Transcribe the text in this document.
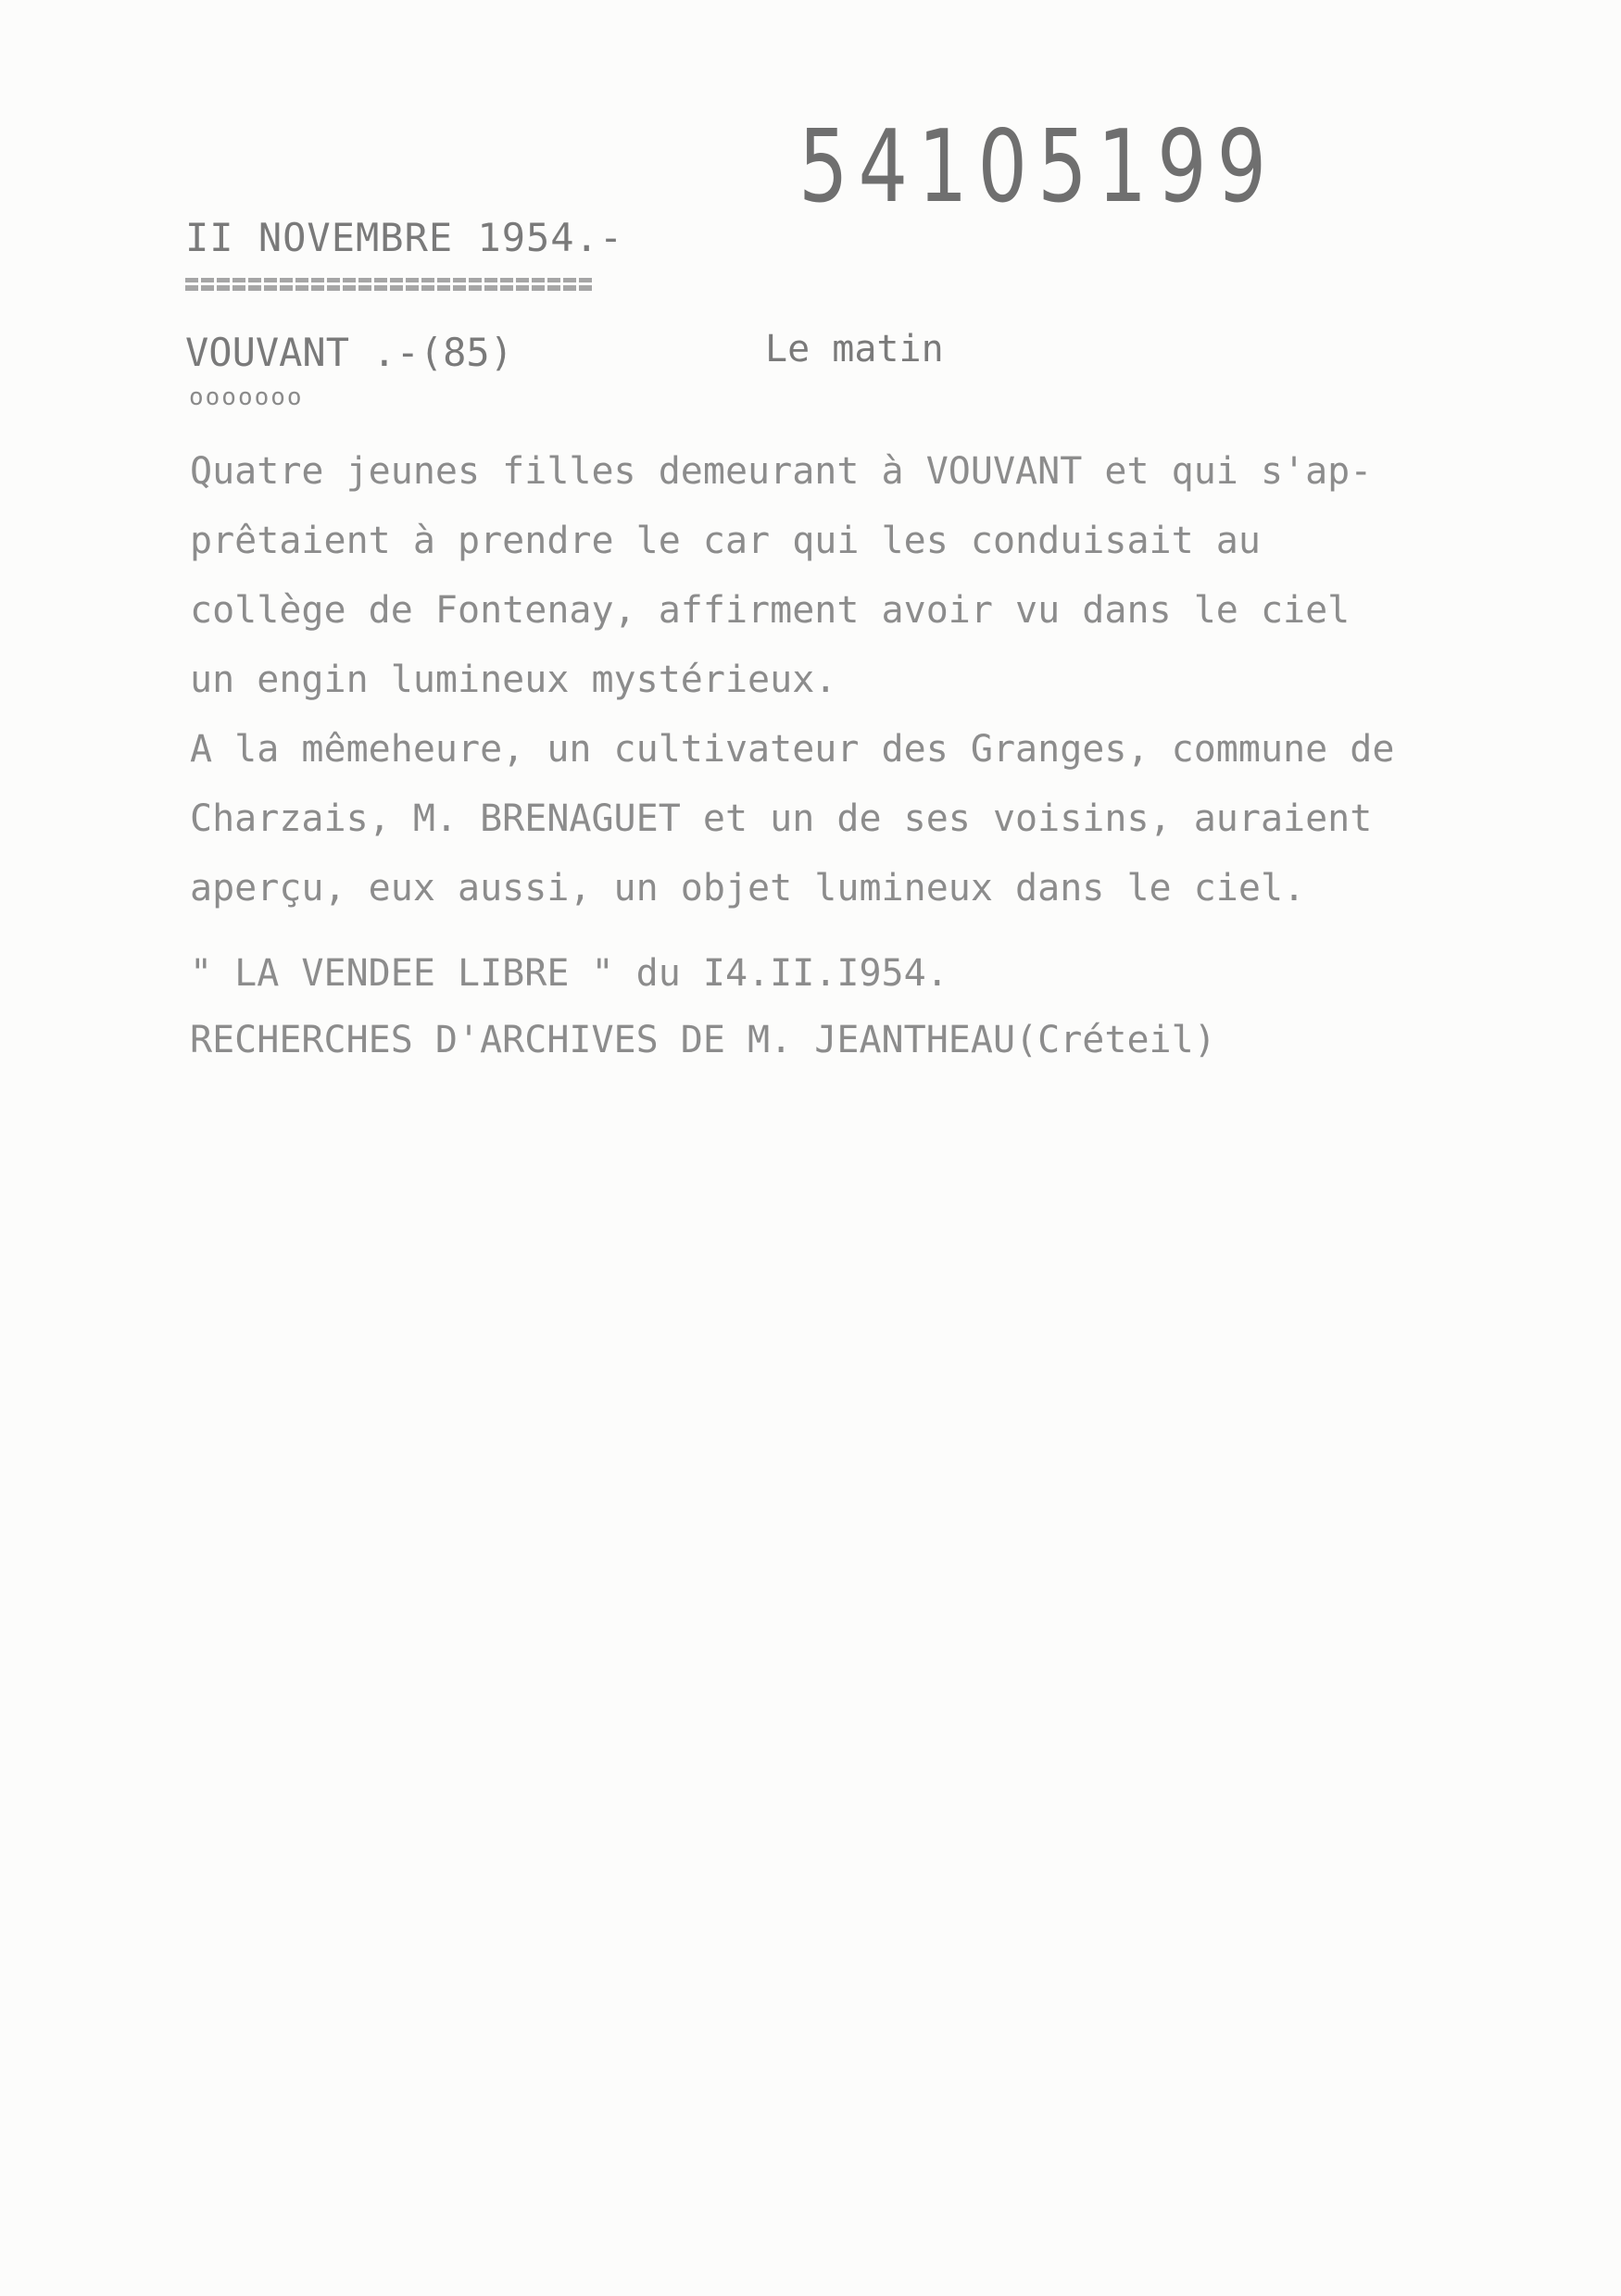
54105199
II NOVEMBRE 1954.-
VOUVANT .-(85)	Le matin
ooooooo

Quatre jeunes filles demeurant à VOUVANT et qui s'ap-

prêtaient à prendre le car qui les conduisait au

collège de Fontenay, affirment avoir vu dans le ciel

un engin lumineux mystérieux.

A la mêmeheure, un cultivateur des Granges, commune de

Charzais, M. BRENAGUET et un de ses voisins, auraient

aperçu, eux aussi, un objet lumineux dans le ciel.

" LA VENDEE LIBRE " du I4.II.I954.

RECHERCHES D'ARCHIVES DE M. JEANTHEAU(Créteil)
